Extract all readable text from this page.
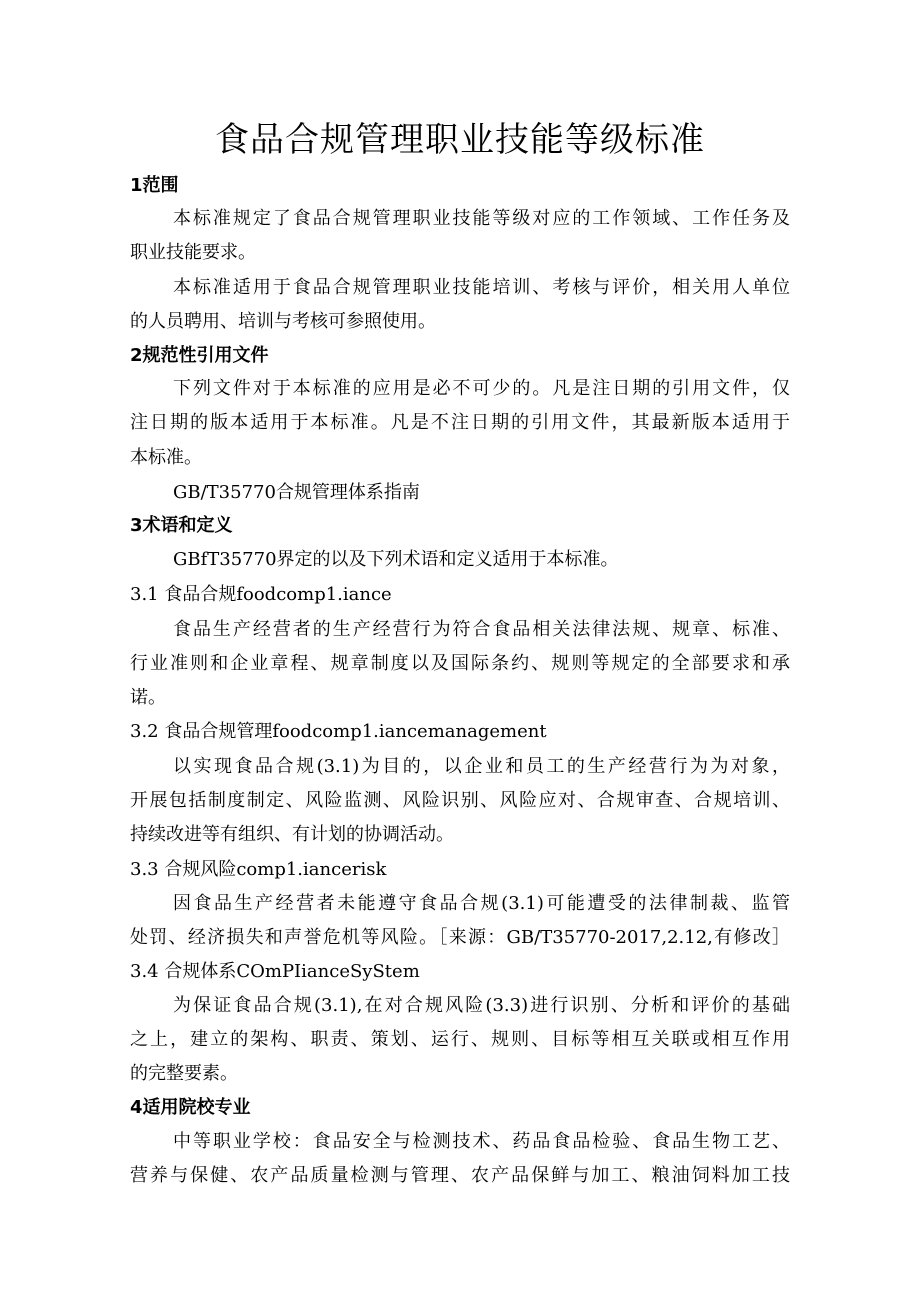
食品合规管理职业技能等级标准
1范围
本标准规定了食品合规管理职业技能等级对应的工作领域、工作任务及
职业技能要求。
本标准适用于食品合规管理职业技能培训、考核与评价，相关用人单位
的人员聘用、培训与考核可参照使用。
2规范性引用文件
下列文件对于本标准的应用是必不可少的。凡是注日期的引用文件，仅
注日期的版本适用于本标准。凡是不注日期的引用文件，其最新版本适用于
本标准。
GB/T35770合规管理体系指南
3术语和定义
GBfT35770界定的以及下列术语和定义适用于本标准。
3.1 食品合规foodcomp1.iance
食品生产经营者的生产经营行为符合食品相关法律法规、规章、标准、
行业准则和企业章程、规章制度以及国际条约、规则等规定的全部要求和承
诺。
3.2 食品合规管理foodcomp1.iancemanagement
以实现食品合规(3.1)为目的，以企业和员工的生产经营行为为对象，
开展包括制度制定、风险监测、风险识别、风险应对、合规审查、合规培训、
持续改进等有组织、有计划的协调活动。
3.3 合规风险comp1.iancerisk
因食品生产经营者未能遵守食品合规(3.1)可能遭受的法律制裁、监管
处罚、经济损失和声誉危机等风险。［来源：GB/T35770-2017,2.12,有修改］
3.4 合规体系COmPIianceSyStem
为保证食品合规(3.1),在对合规风险(3.3)进行识别、分析和评价的基础
之上，建立的架构、职责、策划、运行、规则、目标等相互关联或相互作用
的完整要素。
4适用院校专业
中等职业学校：食品安全与检测技术、药品食品检验、食品生物工艺、
营养与保健、农产品质量检测与管理、农产品保鲜与加工、粮油饲料加工技
